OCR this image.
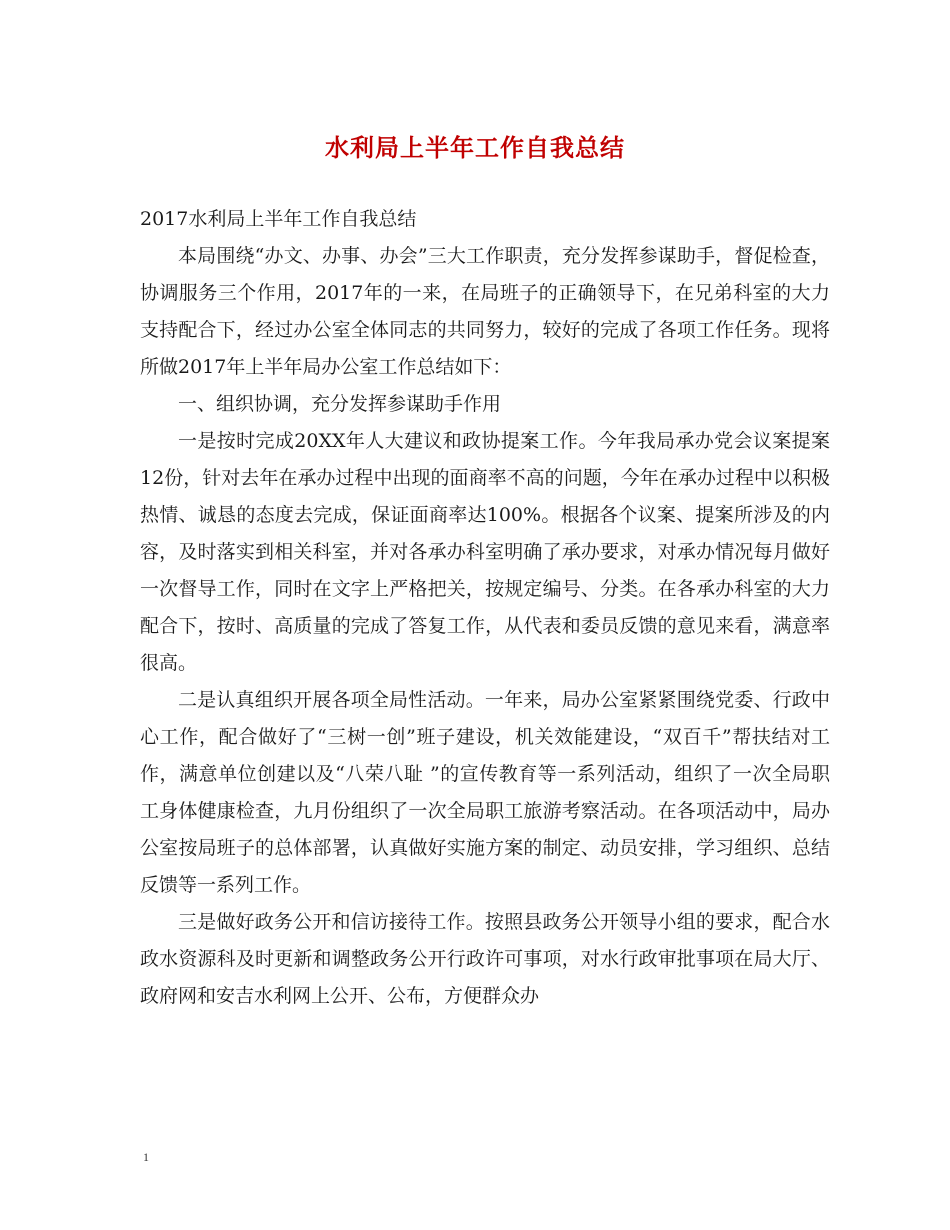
水利局上半年工作自我总结

2017水利局上半年工作自我总结

本局围绕“办文、办事、办会”三大工作职责，充分发挥参谋助手，督促检查，协调服务三个作用，2017年的一来，在局班子的正确领导下，在兄弟科室的大力支持配合下，经过办公室全体同志的共同努力，较好的完成了各项工作任务。现将所做2017年上半年局办公室工作总结如下：

一、组织协调，充分发挥参谋助手作用

一是按时完成20XX年人大建议和政协提案工作。今年我局承办党会议案提案12份，针对去年在承办过程中出现的面商率不高的问题，今年在承办过程中以积极热情、诚恳的态度去完成，保证面商率达100%。根据各个议案、提案所涉及的内容，及时落实到相关科室，并对各承办科室明确了承办要求，对承办情况每月做好一次督导工作，同时在文字上严格把关，按规定编号、分类。在各承办科室的大力配合下，按时、高质量的完成了答复工作，从代表和委员反馈的意见来看，满意率很高。

二是认真组织开展各项全局性活动。一年来，局办公室紧紧围绕党委、行政中心工作，配合做好了“三树一创”班子建设，机关效能建设，“双百千”帮扶结对工作，满意单位创建以及“八荣八耻 ”的宣传教育等一系列活动，组织了一次全局职工身体健康检查，九月份组织了一次全局职工旅游考察活动。在各项活动中，局办公室按局班子的总体部署，认真做好实施方案的制定、动员安排，学习组织、总结反馈等一系列工作。

三是做好政务公开和信访接待工作。按照县政务公开领导小组的要求，配合水政水资源科及时更新和调整政务公开行政许可事项，对水行政审批事项在局大厅、政府网和安吉水利网上公开、公布，方便群众办

1
